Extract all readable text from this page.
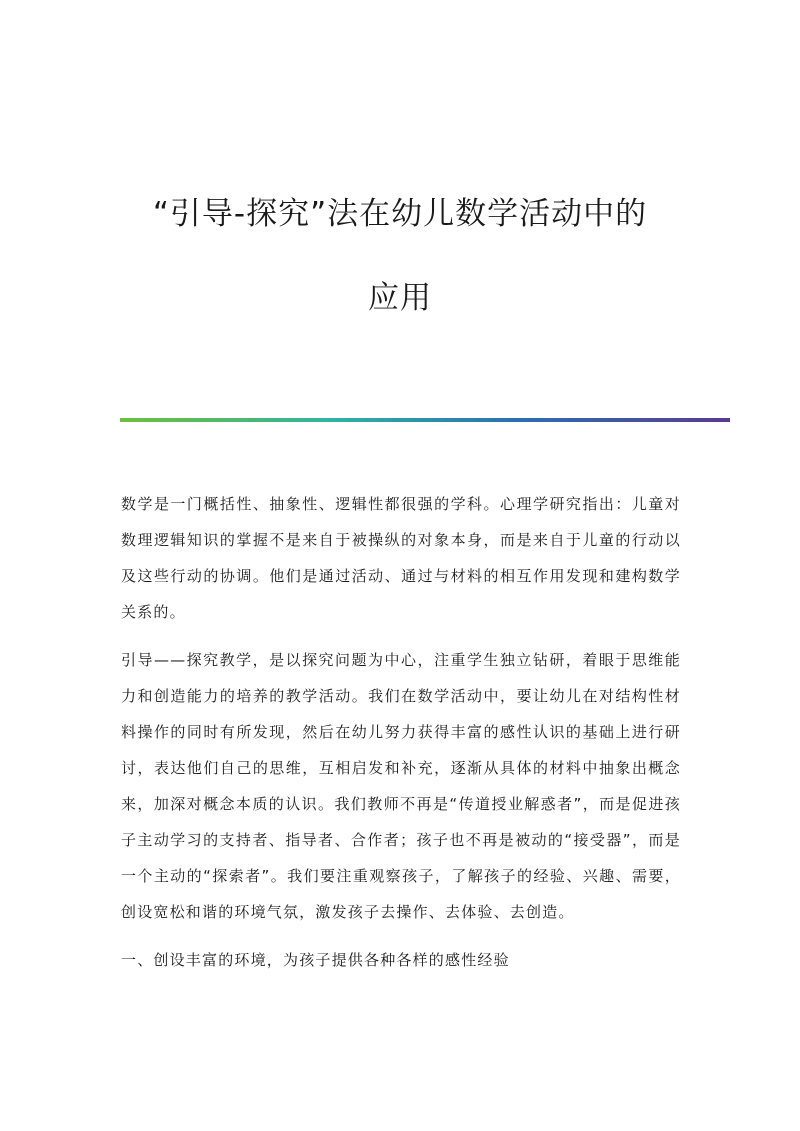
“引导-探究”法在幼儿数学活动中的
应用

数学是一门概括性、抽象性、逻辑性都很强的学科。心理学研究指出：儿童对数理逻辑知识的掌握不是来自于被操纵的对象本身，而是来自于儿童的行动以及这些行动的协调。他们是通过活动、通过与材料的相互作用发现和建构数学关系的。

引导——探究教学，是以探究问题为中心，注重学生独立钻研，着眼于思维能力和创造能力的培养的教学活动。我们在数学活动中，要让幼儿在对结构性材料操作的同时有所发现，然后在幼儿努力获得丰富的感性认识的基础上进行研讨，表达他们自己的思维，互相启发和补充，逐渐从具体的材料中抽象出概念来，加深对概念本质的认识。我们教师不再是“传道授业解惑者”，而是促进孩子主动学习的支持者、指导者、合作者；孩子也不再是被动的“接受器”，而是一个主动的“探索者”。我们要注重观察孩子，了解孩子的经验、兴趣、需要，创设宽松和谐的环境气氛，激发孩子去操作、去体验、去创造。

一、创设丰富的环境，为孩子提供各种各样的感性经验
